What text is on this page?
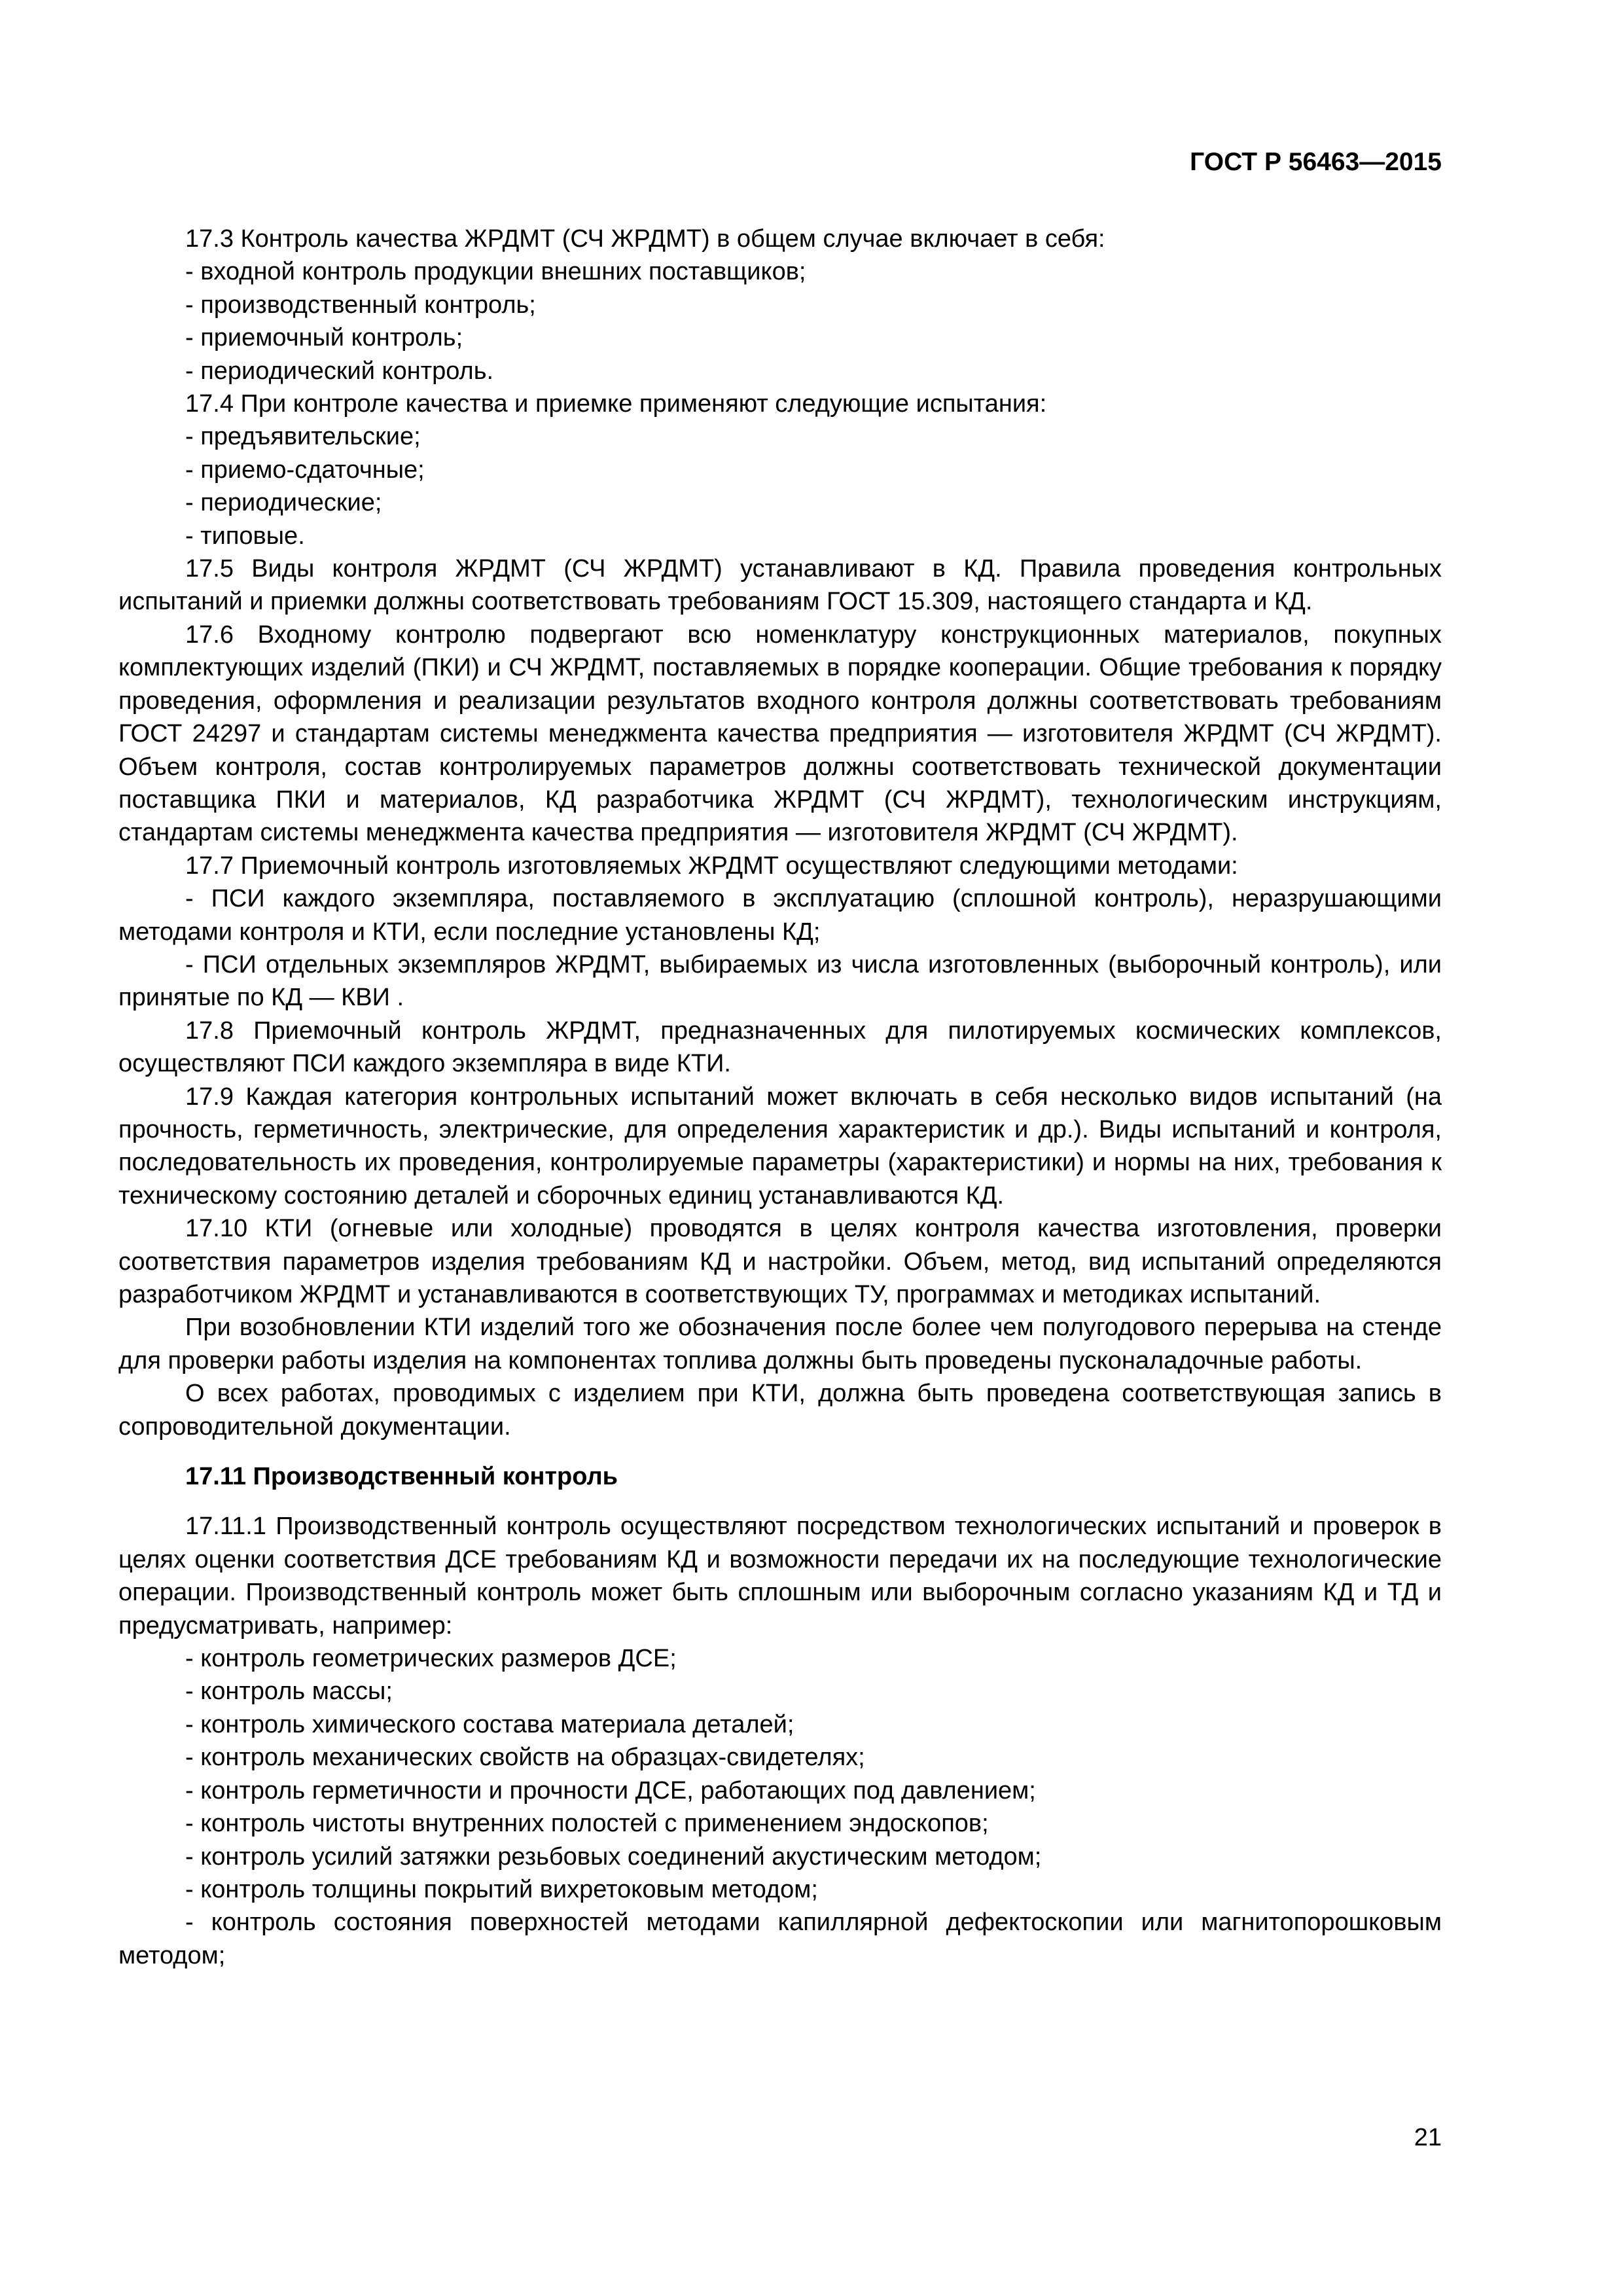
ГОСТ Р 56463—2015

17.3 Контроль качества ЖРДМТ (СЧ ЖРДМТ) в общем случае включает в себя:

- входной контроль продукции внешних поставщиков;

- производственный контроль;

- приемочный контроль;

- периодический контроль.

17.4 При контроле качества и приемке применяют следующие испытания:

- предъявительские;

- приемо-сдаточные;

- периодические;

- типовые.

17.5 Виды контроля ЖРДМТ (СЧ ЖРДМТ) устанавливают в КД. Правила проведения контрольных испытаний и приемки должны соответствовать требованиям ГОСТ 15.309, настоящего стандарта и КД.

17.6 Входному контролю подвергают всю номенклатуру конструкционных материалов, покупных комплектующих изделий (ПКИ) и СЧ ЖРДМТ, поставляемых в порядке кооперации. Общие требования к порядку проведения, оформления и реализации результатов входного контроля должны соответствовать требованиям ГОСТ 24297 и стандартам системы менеджмента качества предприятия — изготовителя ЖРДМТ (СЧ ЖРДМТ). Объем контроля, состав контролируемых параметров должны соответствовать технической документации поставщика ПКИ и материалов, КД разработчика ЖРДМТ (СЧ ЖРДМТ), технологическим инструкциям, стандартам системы менеджмента качества предприятия — изготовителя ЖРДМТ (СЧ ЖРДМТ).

17.7 Приемочный контроль изготовляемых ЖРДМТ осуществляют следующими методами:

- ПСИ каждого экземпляра, поставляемого в эксплуатацию (сплошной контроль), неразрушающими методами контроля и КТИ, если последние установлены КД;

- ПСИ отдельных экземпляров ЖРДМТ, выбираемых из числа изготовленных (выборочный контроль), или принятые по КД — КВИ .

17.8 Приемочный контроль ЖРДМТ, предназначенных для пилотируемых космических комплексов, осуществляют ПСИ каждого экземпляра в виде КТИ.

17.9 Каждая категория контрольных испытаний может включать в себя несколько видов испытаний (на прочность, герметичность, электрические, для определения характеристик и др.). Виды испытаний и контроля, последовательность их проведения, контролируемые параметры (характеристики) и нормы на них, требования к техническому состоянию деталей и сборочных единиц устанавливаются КД.

17.10 КТИ (огневые или холодные) проводятся в целях контроля качества изготовления, проверки соответствия параметров изделия требованиям КД и настройки. Объем, метод, вид испытаний определяются разработчиком ЖРДМТ и устанавливаются в соответствующих ТУ, программах и методиках испытаний.

При возобновлении КТИ изделий того же обозначения после более чем полугодового перерыва на стенде для проверки работы изделия на компонентах топлива должны быть проведены пусконаладочные работы.

О всех работах, проводимых с изделием при КТИ, должна быть проведена соответствующая запись в сопроводительной документации.

17.11 Производственный контроль

17.11.1 Производственный контроль осуществляют посредством технологических испытаний и проверок в целях оценки соответствия ДСЕ требованиям КД и возможности передачи их на последующие технологические операции. Производственный контроль может быть сплошным или выборочным согласно указаниям КД и ТД и предусматривать, например:

- контроль геометрических размеров ДСЕ;

- контроль массы;

- контроль химического состава материала деталей;

- контроль механических свойств на образцах-свидетелях;

- контроль герметичности и прочности ДСЕ, работающих под давлением;

- контроль чистоты внутренних полостей с применением эндоскопов;

- контроль усилий затяжки резьбовых соединений акустическим методом;

- контроль толщины покрытий вихретоковым методом;

- контроль состояния поверхностей методами капиллярной дефектоскопии или магнитопорошковым методом;

21
